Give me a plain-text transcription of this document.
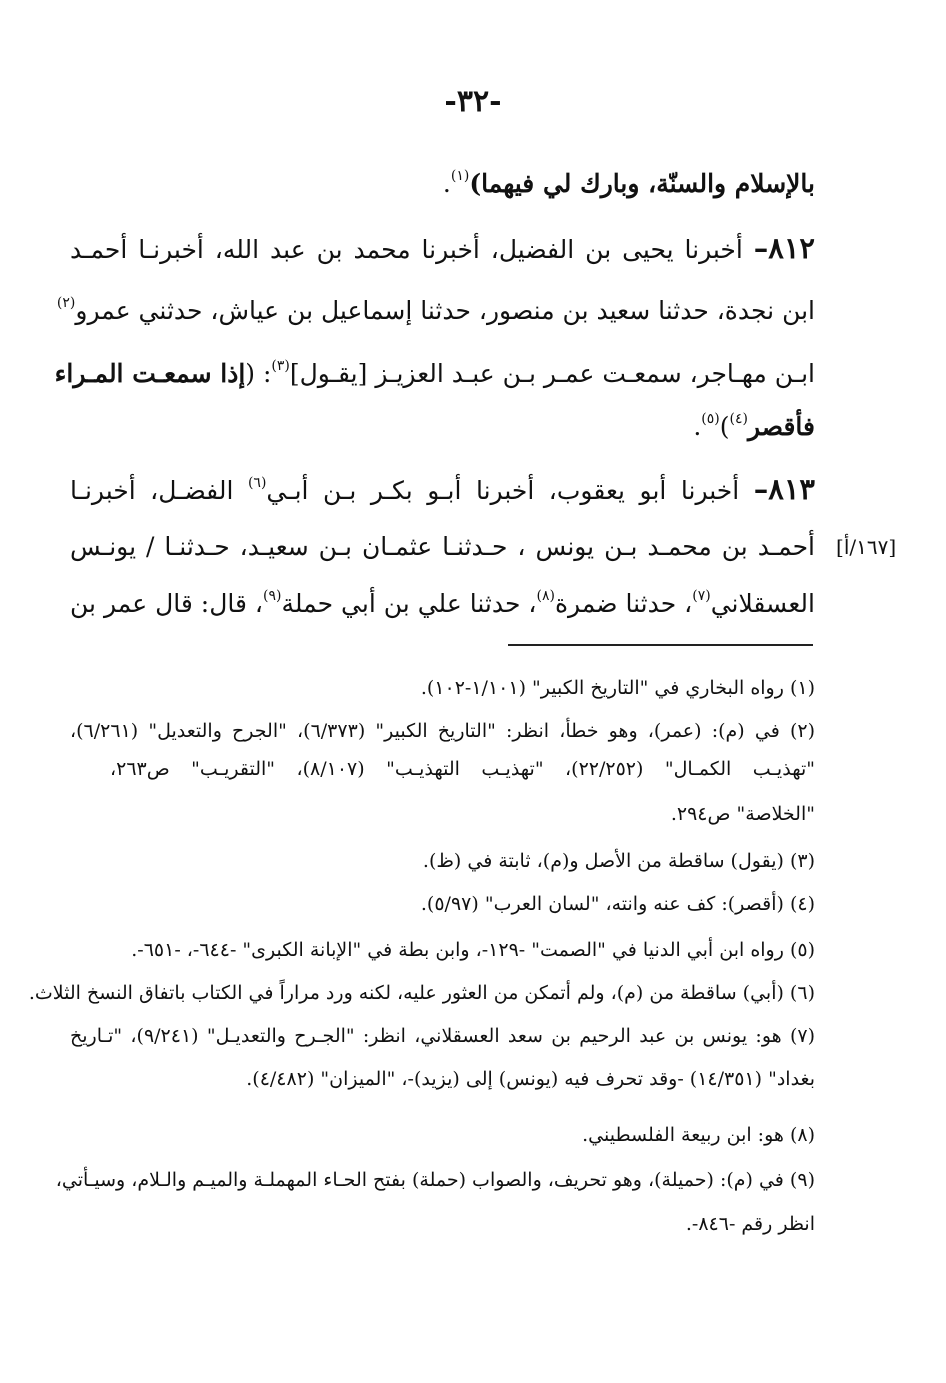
-٣٢-
[١٦٧/أ]
بالإسلام والسنّة، وبارك لي فيهما)$^{(١)}$.
٨١٢– أخبرنا يحيى بن الفضيل، أخبرنا محمد بن عبد الله، أخبرنـا أحمـد
ابن نجدة، حدثنا سعيد بن منصور، حدثنا إسماعيل بن عياش، حدثني عمرو$^{(٢)}$
ابـن مهـاجر، سمعـت عمـر بـن عبـد العزيـز [يقـول]$^{(٣)}$: (إذا سمعـت المـراء
فأقصر$^{(٤)}$)$^{(٥)}$.
٨١٣– أخبرنا أبو يعقوب، أخبرنا أبـو بكـر بـن أبـي$^{(٦)}$ الفضـل، أخبرنـا
أحمـد بن محمـد بـن يونس ، حـدثنـا عثمـان بـن سعيـد، حـدثنـا / يونـس
العسقلاني$^{(٧)}$، حدثنا ضمرة$^{(٨)}$، حدثنا علي بن أبي حملة$^{(٩)}$، قال: قال عمر بن
(١) رواه البخاري في "التاريخ الكبير" (١/١٠١-١٠٢).
(٢) في (م): (عمر)، وهو خطأ، انظر: "التاريخ الكبير" (٦/٣٧٣)، "الجرح والتعديل" (٦/٢٦١)،
"تهذيـب الكمـال" (٢٢/٢٥٢)، "تهذيـب التهذيـب" (٨/١٠٧)، "التقريـب" ص٢٦٣،
"الخلاصة" ص٢٩٤.
(٣) (يقول) ساقطة من الأصل و(م)، ثابتة في (ظ).
(٤) (أقصر): كف عنه وانته، "لسان العرب" (٥/٩٧).
(٥) رواه ابن أبي الدنيا في "الصمت" -١٢٩-، وابن بطة في "الإبانة الكبرى" -٦٤٤-، -٦٥١-.
(٦) (أبي) ساقطة من (م)، ولم أتمكن من العثور عليه، لكنه ورد مراراً في الكتاب باتفاق النسخ الثلاث.
(٧) هو: يونس بن عبد الرحيم بن سعد العسقلاني، انظر: "الجـرح والتعديـل" (٩/٢٤١)، "تـاريخ
بغداد" (١٤/٣٥١) -وقد تحرف فيه (يونس) إلى (يزيد)-، "الميزان" (٤/٤٨٢).
(٨) هو: ابن ربيعة الفلسطيني.
(٩) في (م): (حميلة)، وهو تحريف، والصواب (حملة) بفتح الحـاء المهملـة والميـم والـلام، وسيـأتي،
انظر رقم -٨٤٦-.
